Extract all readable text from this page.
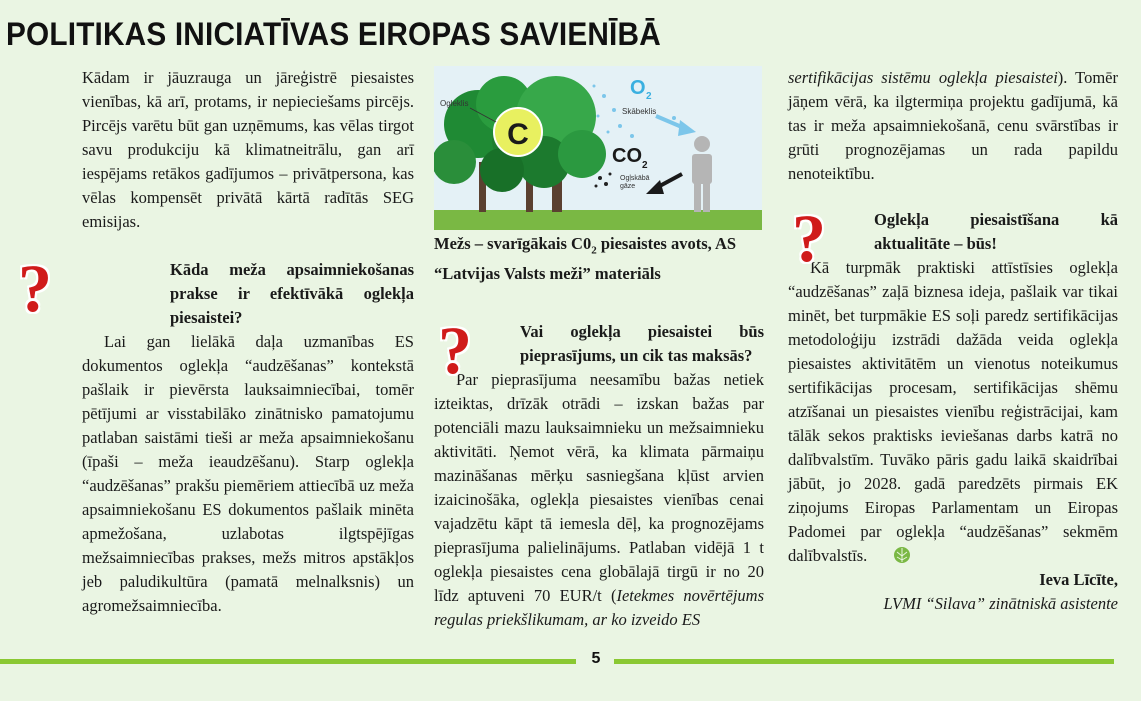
POLITIKAS INICIATĪVAS EIROPAS SAVIENĪBĀ

Kādam ir jāuzrauga un jāreģistrē piesaistes vienības, kā arī, protams, ir nepieciešams pircējs. Pircējs varētu būt gan uzņēmums, kas vēlas tirgot savu produkciju kā klimatneitrālu, gan arī iespējams retākos gadījumos – privātpersona, kas vēlas kompensēt privātā kārtā radītās SEG emisijas.

?	Kāda meža apsaimniekošanas prakse ir efektīvākā oglekļa piesaistei?

Lai gan lielākā daļa uzmanības ES dokumentos oglekļa “audzēšanas” kontekstā pašlaik ir pievērsta lauksaimniecībai, tomēr pētījumi ar visstabilāko zinātnisko pamatojumu patlaban saistāmi tieši ar meža apsaimniekošanu (īpaši – meža ieaudzēšanu). Starp oglekļa “audzēšanas” prakšu piemēriem attiecībā uz meža apsaimniekošanu ES dokumentos pašlaik minēta apmežošana, uzlabotas ilgtspējīgas mežsaimniecības prakses, mežs mitros apstākļos jeb paludikultūra (pamatā melnalksnis) un agromežsaimniecība.

C
Ogleklis
O 2
Skābeklis
CO 2
Ogļskābā
gāze

Mežs – svarīgākais $C0_2$ piesaistes avots, AS “Latvijas Valsts meži” materiāls

?	Vai oglekļa piesaistei būs pieprasījums, un cik tas maksās?

Par pieprasījuma neesamību bažas netiek izteiktas, drīzāk otrādi – izskan bažas par potenciāli mazu lauksaimnieku un mežsaimnieku aktivitāti. Ņemot vērā, ka klimata pārmaiņu mazināšanas mērķu sasniegšana kļūst arvien izaicinošāka, oglekļa piesaistes vienības cenai vajadzētu kāpt tā iemesla dēļ, ka prognozējams pieprasījuma palielinājums. Patlaban vidējā 1 t oglekļa piesaistes cena globālajā tirgū ir no 20 līdz aptuveni 70 EUR/t (Ietekmes novērtējums regulas priekšlikumam, ar ko izveido ES

sertifikācijas sistēmu oglekļa piesaistei). Tomēr jāņem vērā, ka ilgtermiņa projektu gadījumā, kā tas ir meža apsaimniekošanā, cenu svārstības ir grūti prognozējamas un rada papildu nenoteiktību.

?	Oglekļa piesaistīšana kā aktualitāte – būs!

Kā turpmāk praktiski attīstīsies oglekļa “audzēšanas” zaļā biznesa ideja, pašlaik var tikai minēt, bet turpmākie ES soļi paredz sertifikācijas metodoloģiju izstrādi dažāda veida oglekļa piesaistes aktivitātēm un vienotus noteikumus sertifikācijas procesam, sertifikācijas shēmu atzīšanai un piesaistes vienību reģistrācijai, kam tālāk sekos praktisks ieviešanas darbs katrā no dalībvalstīm. Tuvāko pāris gadu laikā skaidrībai jābūt, jo 2028. gadā paredzēts pirmais EK ziņojums Eiropas Parlamentam un Eiropas Padomei par oglekļa “audzēšanas” sekmēm dalībvalstīs.

Ieva Līcīte,

LVMI “Silava” zinātniskā asistente

5
